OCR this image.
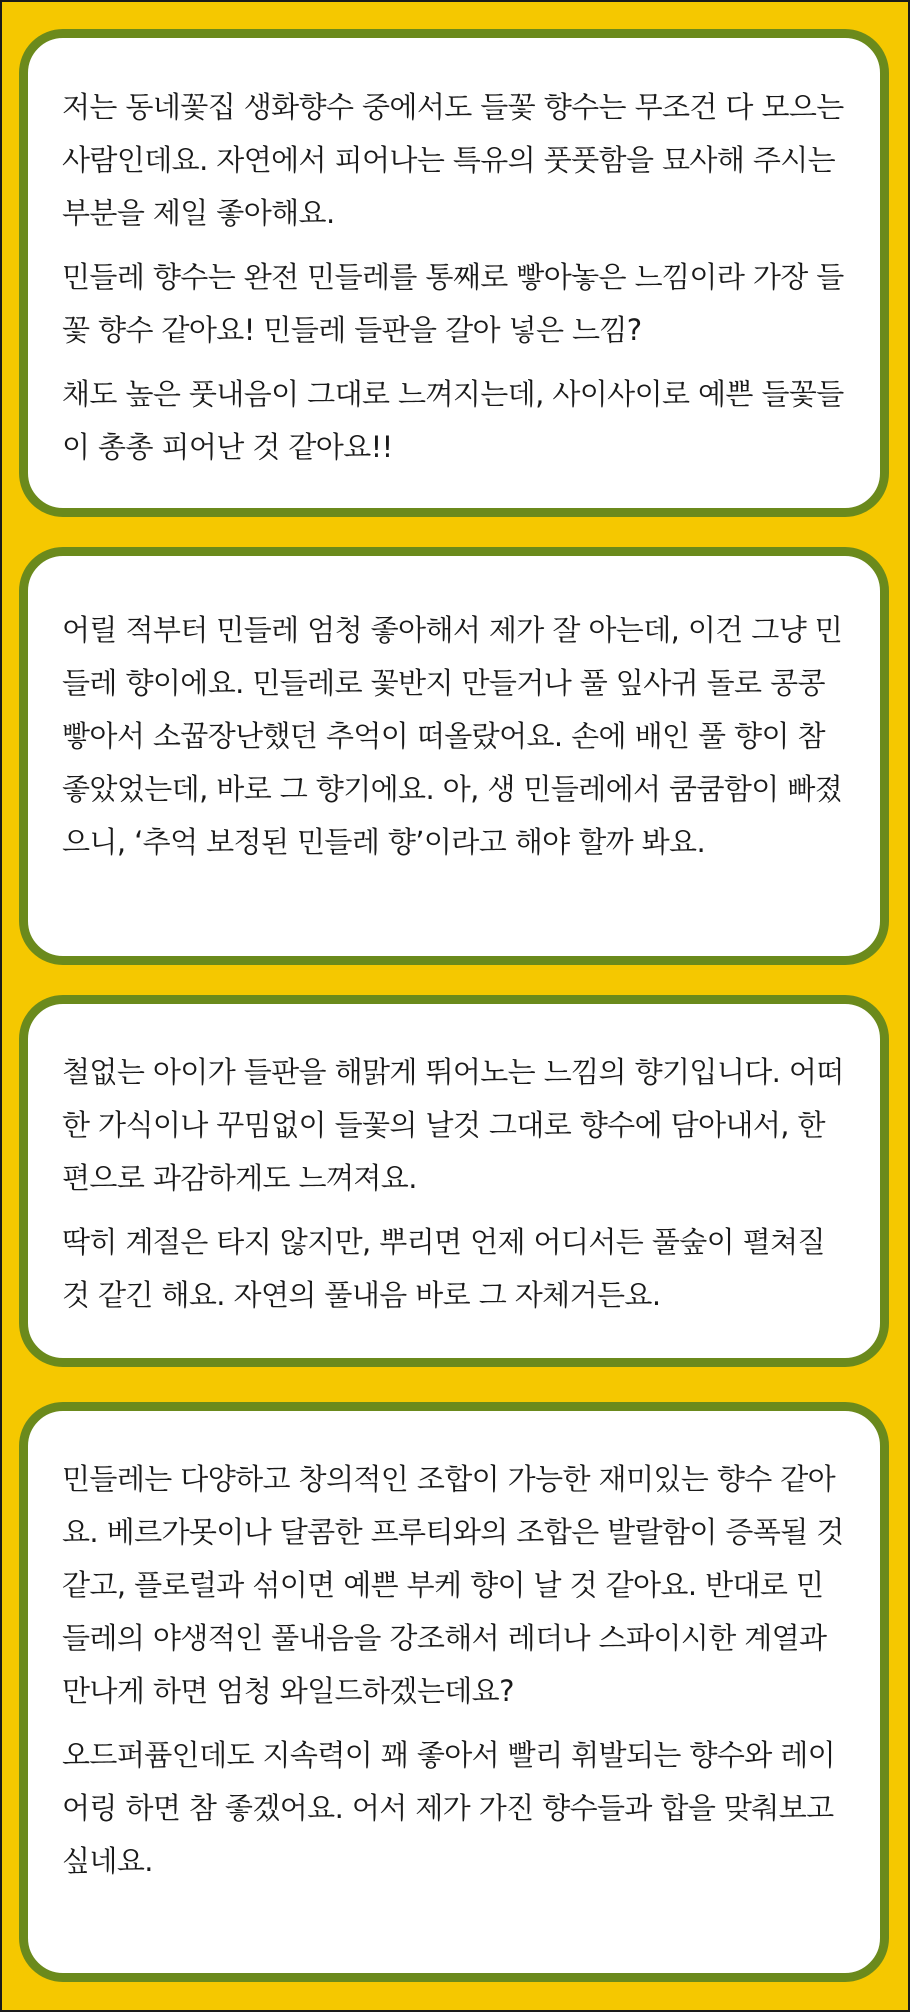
저는 동네꽃집 생화향수 중에서도 들꽃 향수는 무조건 다 모으는 사람인데요. 자연에서 피어나는 특유의 풋풋함을 묘사해 주시는 부분을 제일 좋아해요.

민들레 향수는 완전 민들레를 통째로 빻아놓은 느낌이라 가장 들꽃 향수 같아요! 민들레 들판을 갈아 넣은 느낌?

채도 높은 풋내음이 그대로 느껴지는데, 사이사이로 예쁜 들꽃들이 총총 피어난 것 같아요!!

어릴 적부터 민들레 엄청 좋아해서 제가 잘 아는데, 이건 그냥 민들레 향이에요. 민들레로 꽃반지 만들거나 풀 잎사귀 돌로 콩콩 빻아서 소꿉장난했던 추억이 떠올랐어요. 손에 배인 풀 향이 참 좋았었는데, 바로 그 향기에요. 아, 생 민들레에서 쿰쿰함이 빠졌으니, ‘추억 보정된 민들레 향’이라고 해야 할까 봐요.

철없는 아이가 들판을 해맑게 뛰어노는 느낌의 향기입니다. 어떠한 가식이나 꾸밈없이 들꽃의 날것 그대로 향수에 담아내서, 한편으로 과감하게도 느껴져요.

딱히 계절은 타지 않지만, 뿌리면 언제 어디서든 풀숲이 펼쳐질 것 같긴 해요. 자연의 풀내음 바로 그 자체거든요.

민들레는 다양하고 창의적인 조합이 가능한 재미있는 향수 같아요. 베르가못이나 달콤한 프루티와의 조합은 발랄함이 증폭될 것 같고, 플로럴과 섞이면 예쁜 부케 향이 날 것 같아요. 반대로 민들레의 야생적인 풀내음을 강조해서 레더나 스파이시한 계열과 만나게 하면 엄청 와일드하겠는데요?

오드퍼퓸인데도 지속력이 꽤 좋아서 빨리 휘발되는 향수와 레이어링 하면 참 좋겠어요. 어서 제가 가진 향수들과 합을 맞춰보고 싶네요.
